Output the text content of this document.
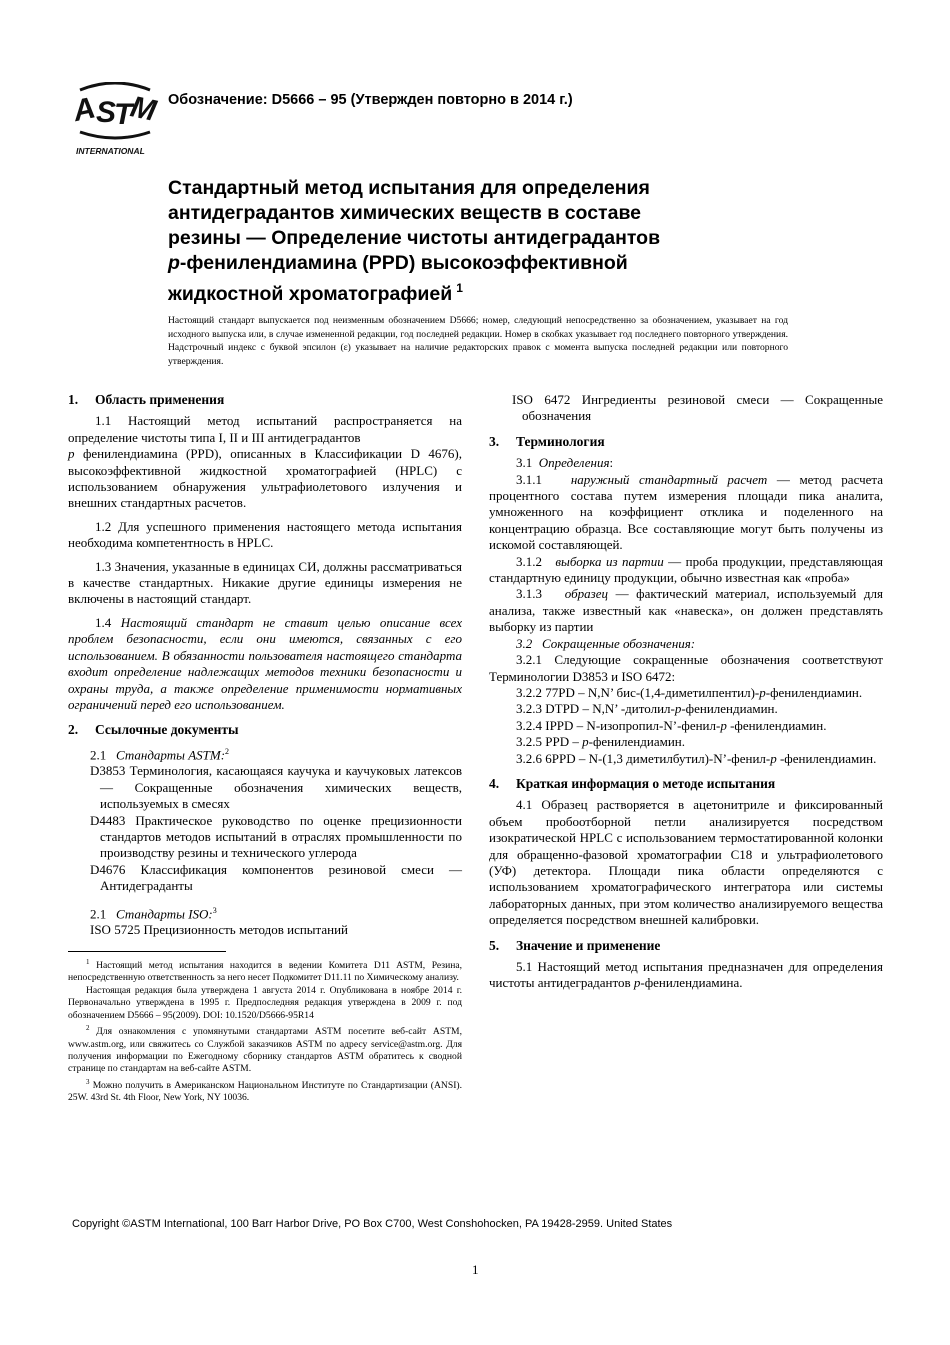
A
S
T
M
INTERNATIONAL
Обозначение: D5666 – 95 (Утвержден повторно в 2014 г.)
Стандартный метод испытания для определения
антидеградантов химических веществ в составе
резины — Определение чистоты антидеградантов
p-фенилендиамина (PPD) высокоэффективной
жидкостной хроматографией $^1$
Настоящий стандарт выпускается под неизменным обозначением D5666; номер, следующий непосредственно за обозначением, указывает на год исходного выпуска или, в случае измененной редакции, год последней редакции. Номер в скобках указывает год последнего повторного утверждения. Надстрочный индекс с буквой эпсилон (ε) указывает на наличие редакторских правок с момента выпуска последней редакции или повторного утверждения.
1. Область применения

1.1 Настоящий метод испытаний распространяется на определение чистоты типа I, II и III антидеградантов
p фенилендиамина (PPD), описанных в Классификации D 4676), высокоэффективной жидкостной хроматографией (HPLC) с использованием обнаружения ультрафиолетового излучения и внешних стандартных расчетов.

1.2 Для успешного применения настоящего метода испытания необходима компетентность в HPLC.

1.3 Значения, указанные в единицах СИ, должны рассматриваться в качестве стандартных. Никакие другие единицы измерения не включены в настоящий стандарт.

1.4 Настоящий стандарт не ставит целью описание всех проблем безопасности, если они имеются, связанных с его использованием. В обязанности пользователя настоящего стандарта входит определение надлежащих методов техники безопасности и охраны труда, а также определение применимости нормативных ограничений перед его использованием.

2. Ссылочные документы

2.1 Стандарты ASTM:$^2$

D3853 Терминология, касающаяся каучука и каучуковых латексов — Сокращенные обозначения химических веществ, используемых в смесях

D4483 Практическое руководство по оценке прецизионности стандартов методов испытаний в отраслях промышленности по производству резины и технического углерода

D4676 Классификация компонентов резиновой смеси — Антидеграданты

2.1 Стандарты ISO:$^3$

ISO 5725 Прецизионность методов испытаний

$^1$ Настоящий метод испытания находится в ведении Комитета D11 ASTM, Резина, непосредственную ответственность за него несет Подкомитет D11.11 по Химическому анализу.

Настоящая редакция была утверждена 1 августа 2014 г. Опубликована в ноябре 2014 г. Первоначально утверждена в 1995 г. Предпоследняя редакция утверждена в 2009 г. под обозначением D5666 – 95(2009). DOI: 10.1520/D5666-95R14

$^2$ Для ознакомления с упомянутыми стандартами ASTM посетите веб-сайт ASTM, www.astm.org, или свяжитесь со Службой заказчиков ASTM по адресу service@astm.org. Для получения информации по Ежегодному сборнику стандартов ASTM обратитесь к сводной странице по стандартам на веб-сайте ASTM.

$^3$ Можно получить в Американском Национальном Институте по Стандартизации (ANSI). 25W. 43rd St. 4th Floor, New York, NY 10036.

ISO 6472 Ингредиенты резиновой смеси — Сокращенные обозначения

3. Терминология

3.1 Определения:

3.1.1 наружный стандартный расчет — метод расчета процентного состава путем измерения площади пика аналита, умноженного на коэффициент отклика и поделенного на концентрацию образца. Все составляющие могут быть получены из искомой составляющей.

3.1.2 выборка из партии — проба продукции, представляющая стандартную единицу продукции, обычно известная как «проба»

3.1.3 образец — фактический материал, используемый для анализа, также известный как «навеска», он должен представлять выборку из партии

3.2 Сокращенные обозначения:

3.2.1 Следующие сокращенные обозначения соответствуют Терминологии D3853 и ISO 6472:

3.2.2 77PD – N,N’ бис-(1,4-диметилпентил)-p-фенилендиамин.

3.2.3 DTPD – N,N’ -дитолил-p-фенилендиамин.

3.2.4 IPPD – N-изопропил-N’-фенил-p -фенилендиамин.

3.2.5 PPD – p-фенилендиамин.

3.2.6 6PPD – N-(1,3 диметилбутил)-N’-фенил-p -фенилендиамин.

4. Краткая информация о методе испытания

4.1 Образец растворяется в ацетонитриле и фиксированный объем пробоотборной петли анализируется посредством изократической HPLC с использованием термостатированной колонки для обращенно-фазовой хроматографии C18 и ультрафиолетового (УФ) детектора. Площади пика области определяются с использованием хроматографического интегратора или системы лабораторных данных, при этом количество анализируемого вещества определяется посредством внешней калибровки.

5. Значение и применение

5.1 Настоящий метод испытания предназначен для определения чистоты антидеградантов p-фенилендиамина.

Copyright ©ASTM International, 100 Barr Harbor Drive, PO Box C700, West Conshohocken, PA 19428-2959. United States
1
